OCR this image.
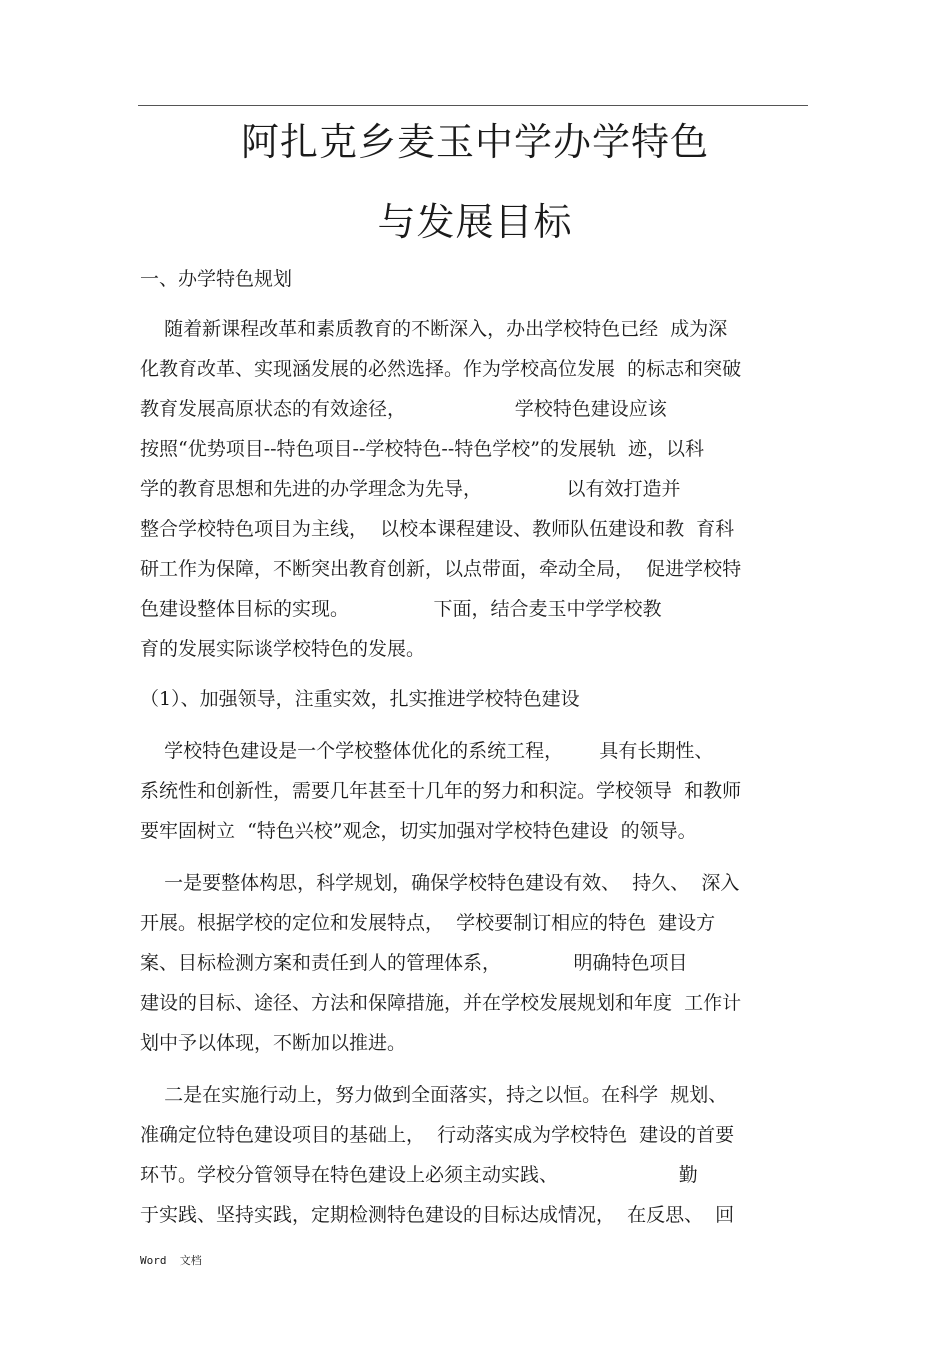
阿扎克乡麦玉中学办学特色
与发展目标

一、办学特色规划

随着新课程改革和素质教育的不断深入，办出学校特色已经  成为深

化教育改革、实现涵发展的必然选择。作为学校高位发展  的标志和突破

教育发展高原状态的有效途径，                  学校特色建设应该

按照“优势项目--特色项目--学校特色--特色学校”的发展轨  迹，以科

学的教育思想和先进的办学理念为先导，              以有效打造并

整合学校特色项目为主线，  以校本课程建设、教师队伍建设和教  育科

研工作为保障，不断突出教育创新，以点带面，牵动全局，  促进学校特

色建设整体目标的实现。              下面，结合麦玉中学学校教

育的发展实际谈学校特色的发展。

（1）、加强领导，注重实效，扎实推进学校特色建设

学校特色建设是一个学校整体优化的系统工程，      具有长期性、

系统性和创新性，需要几年甚至十几年的努力和积淀。学校领导  和教师

要牢固树立  “特色兴校”观念，切实加强对学校特色建设  的领导。

一是要整体构思，科学规划，确保学校特色建设有效、  持久、  深入

开展。根据学校的定位和发展特点，  学校要制订相应的特色  建设方

案、目标检测方案和责任到人的管理体系，            明确特色项目

建设的目标、途径、方法和保障措施，并在学校发展规划和年度  工作计

划中予以体现，不断加以推进。

二是在实施行动上，努力做到全面落实，持之以恒。在科学  规划、

准确定位特色建设项目的基础上，  行动落实成为学校特色  建设的首要

环节。学校分管领导在特色建设上必须主动实践、                    勤

于实践、坚持实践，定期检测特色建设的目标达成情况，  在反思、  回

Word  文档
